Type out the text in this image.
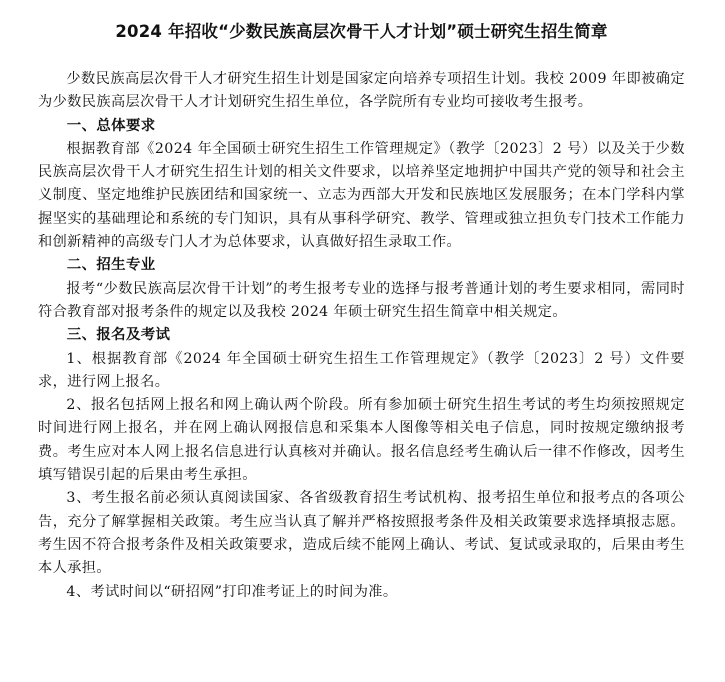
2024 年招收“少数民族高层次骨干人才计划”硕士研究生招生简章

少数民族高层次骨干人才研究生招生计划是国家定向培养专项招生计划。我校 2009 年即被确定为少数民族高层次骨干人才计划研究生招生单位，各学院所有专业均可接收考生报考。

一、总体要求

根据教育部《2024 年全国硕士研究生招生工作管理规定》（教学〔2023〕2 号）以及关于少数民族高层次骨干人才研究生招生计划的相关文件要求，以培养坚定地拥护中国共产党的领导和社会主义制度、坚定地维护民族团结和国家统一、立志为西部大开发和民族地区发展服务；在本门学科内掌握坚实的基础理论和系统的专门知识，具有从事科学研究、教学、管理或独立担负专门技术工作能力和创新精神的高级专门人才为总体要求，认真做好招生录取工作。

二、招生专业

报考“少数民族高层次骨干计划”的考生报考专业的选择与报考普通计划的考生要求相同，需同时符合教育部对报考条件的规定以及我校 2024 年硕士研究生招生简章中相关规定。

三、报名及考试

1、根据教育部《2024 年全国硕士研究生招生工作管理规定》（教学〔2023〕2 号）文件要求，进行网上报名。

2、报名包括网上报名和网上确认两个阶段。所有参加硕士研究生招生考试的考生均须按照规定时间进行网上报名，并在网上确认网报信息和采集本人图像等相关电子信息，同时按规定缴纳报考费。考生应对本人网上报名信息进行认真核对并确认。报名信息经考生确认后一律不作修改，因考生填写错误引起的后果由考生承担。

3、考生报名前必须认真阅读国家、各省级教育招生考试机构、报考招生单位和报考点的各项公告，充分了解掌握相关政策。考生应当认真了解并严格按照报考条件及相关政策要求选择填报志愿。考生因不符合报考条件及相关政策要求，造成后续不能网上确认、考试、复试或录取的，后果由考生本人承担。

4、考试时间以“研招网”打印准考证上的时间为准。
